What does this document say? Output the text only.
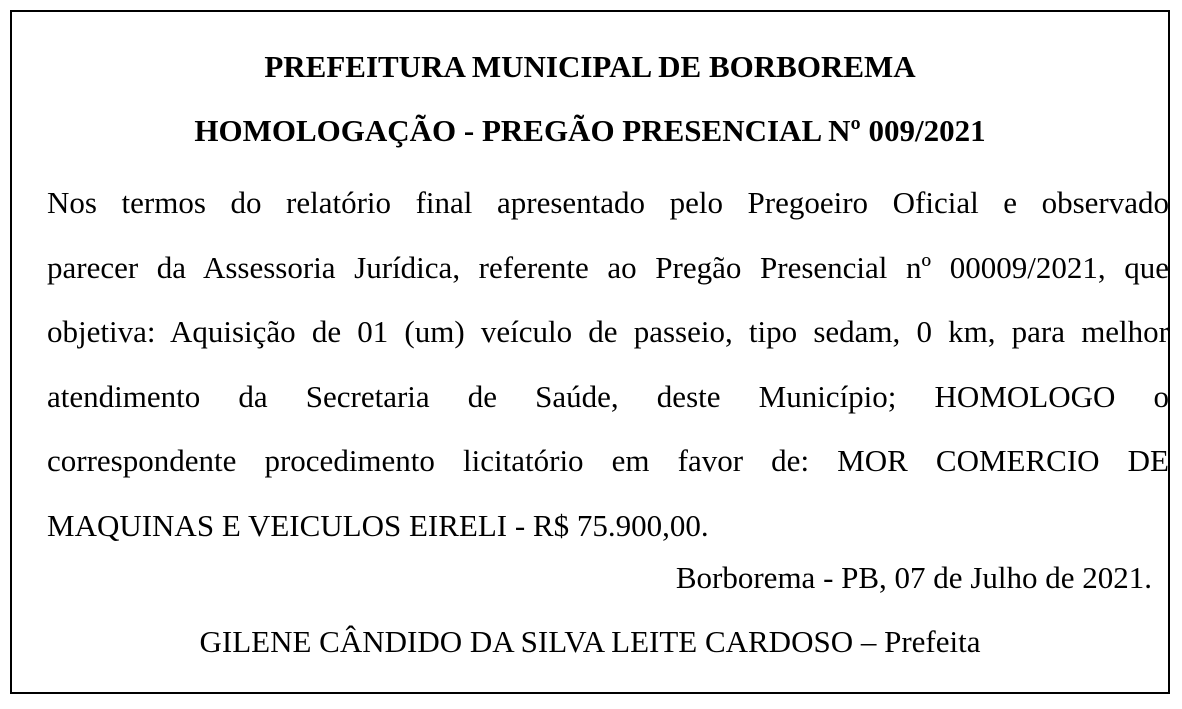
PREFEITURA MUNICIPAL DE BORBOREMA

HOMOLOGAÇÃO - PREGÃO PRESENCIAL Nº 009/2021

Nos termos do relatório final apresentado pelo Pregoeiro Oficial e observado
parecer da Assessoria Jurídica, referente ao Pregão Presencial nº 00009/2021, que
objetiva: Aquisição de 01 (um) veículo de passeio, tipo sedam, 0 km, para melhor
atendimento da Secretaria de Saúde, deste Município; HOMOLOGO o
correspondente procedimento licitatório em favor de: MOR COMERCIO DE
MAQUINAS E VEICULOS EIRELI - R$ 75.900,00.

Borborema - PB, 07 de Julho de 2021.

GILENE CÂNDIDO DA SILVA LEITE CARDOSO – Prefeita
